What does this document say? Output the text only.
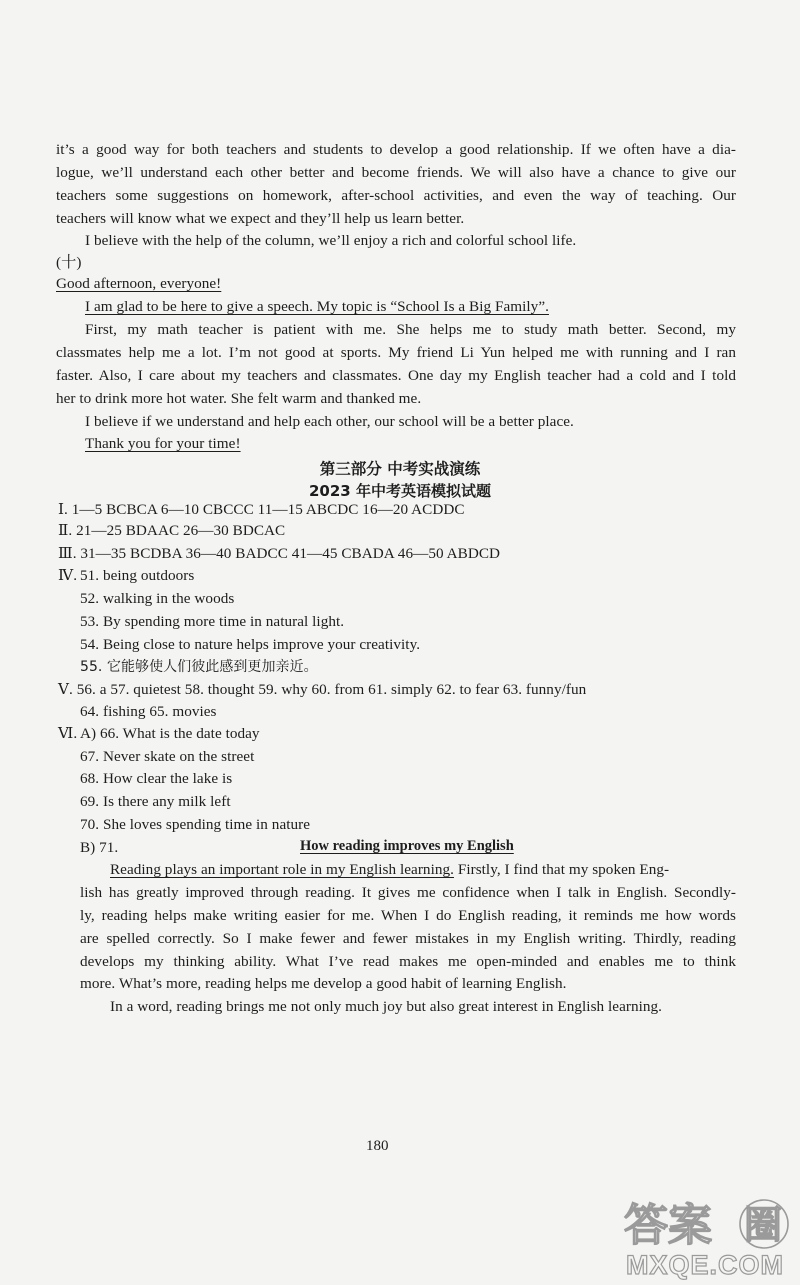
it’s a good way for both teachers and students to develop a good relationship. If we often have a dia-
logue, we’ll understand each other better and become friends. We will also have a chance to give our
teachers some suggestions on homework, after-school activities, and even the way of teaching. Our
teachers will know what we expect and they’ll help us learn better.
I believe with the help of the column, we’ll enjoy a rich and colorful school life.
(十)
Good afternoon, everyone!
I am glad to be here to give a speech. My topic is “School Is a Big Family”.
First, my math teacher is patient with me. She helps me to study math better. Second, my
classmates help me a lot. I’m not good at sports. My friend Li Yun helped me with running and I ran
faster. Also, I care about my teachers and classmates. One day my English teacher had a cold and I told
her to drink more hot water. She felt warm and thanked me.
I believe if we understand and help each other, our school will be a better place.
Thank you for your time!
第三部分 中考实战演练
2023 年中考英语模拟试题
Ⅰ. 1—5 BCBCA 6—10 CBCCC 11—15 ABCDC 16—20 ACDDC
Ⅱ. 21—25 BDAAC 26—30 BDCAC
Ⅲ. 31—35 BCDBA 36—40 BADCC 41—45 CBADA 46—50 ABDCD
Ⅳ. 51. being outdoors
52. walking in the woods
53. By spending more time in natural light.
54. Being close to nature helps improve your creativity.
55. 它能够使人们彼此感到更加亲近。
Ⅴ. 56. a 57. quietest 58. thought 59. why 60. from 61. simply 62. to fear 63. funny/fun
64. fishing 65. movies
Ⅵ. A) 66. What is the date today
67. Never skate on the street
68. How clear the lake is
69. Is there any milk left
70. She loves spending time in nature
B) 71.	How reading improves my English
Reading plays an important role in my English learning. Firstly, I find that my spoken Eng-
lish has greatly improved through reading. It gives me confidence when I talk in English. Secondly-
ly, reading helps make writing easier for me. When I do English reading, it reminds me how words
are spelled correctly. So I make fewer and fewer mistakes in my English writing. Thirdly, reading
develops my thinking ability. What I’ve read makes me open-minded and enables me to think
more. What’s more, reading helps me develop a good habit of learning English.
In a word, reading brings me not only much joy but also great interest in English learning.
180
答案 圈
MXQE.COM
